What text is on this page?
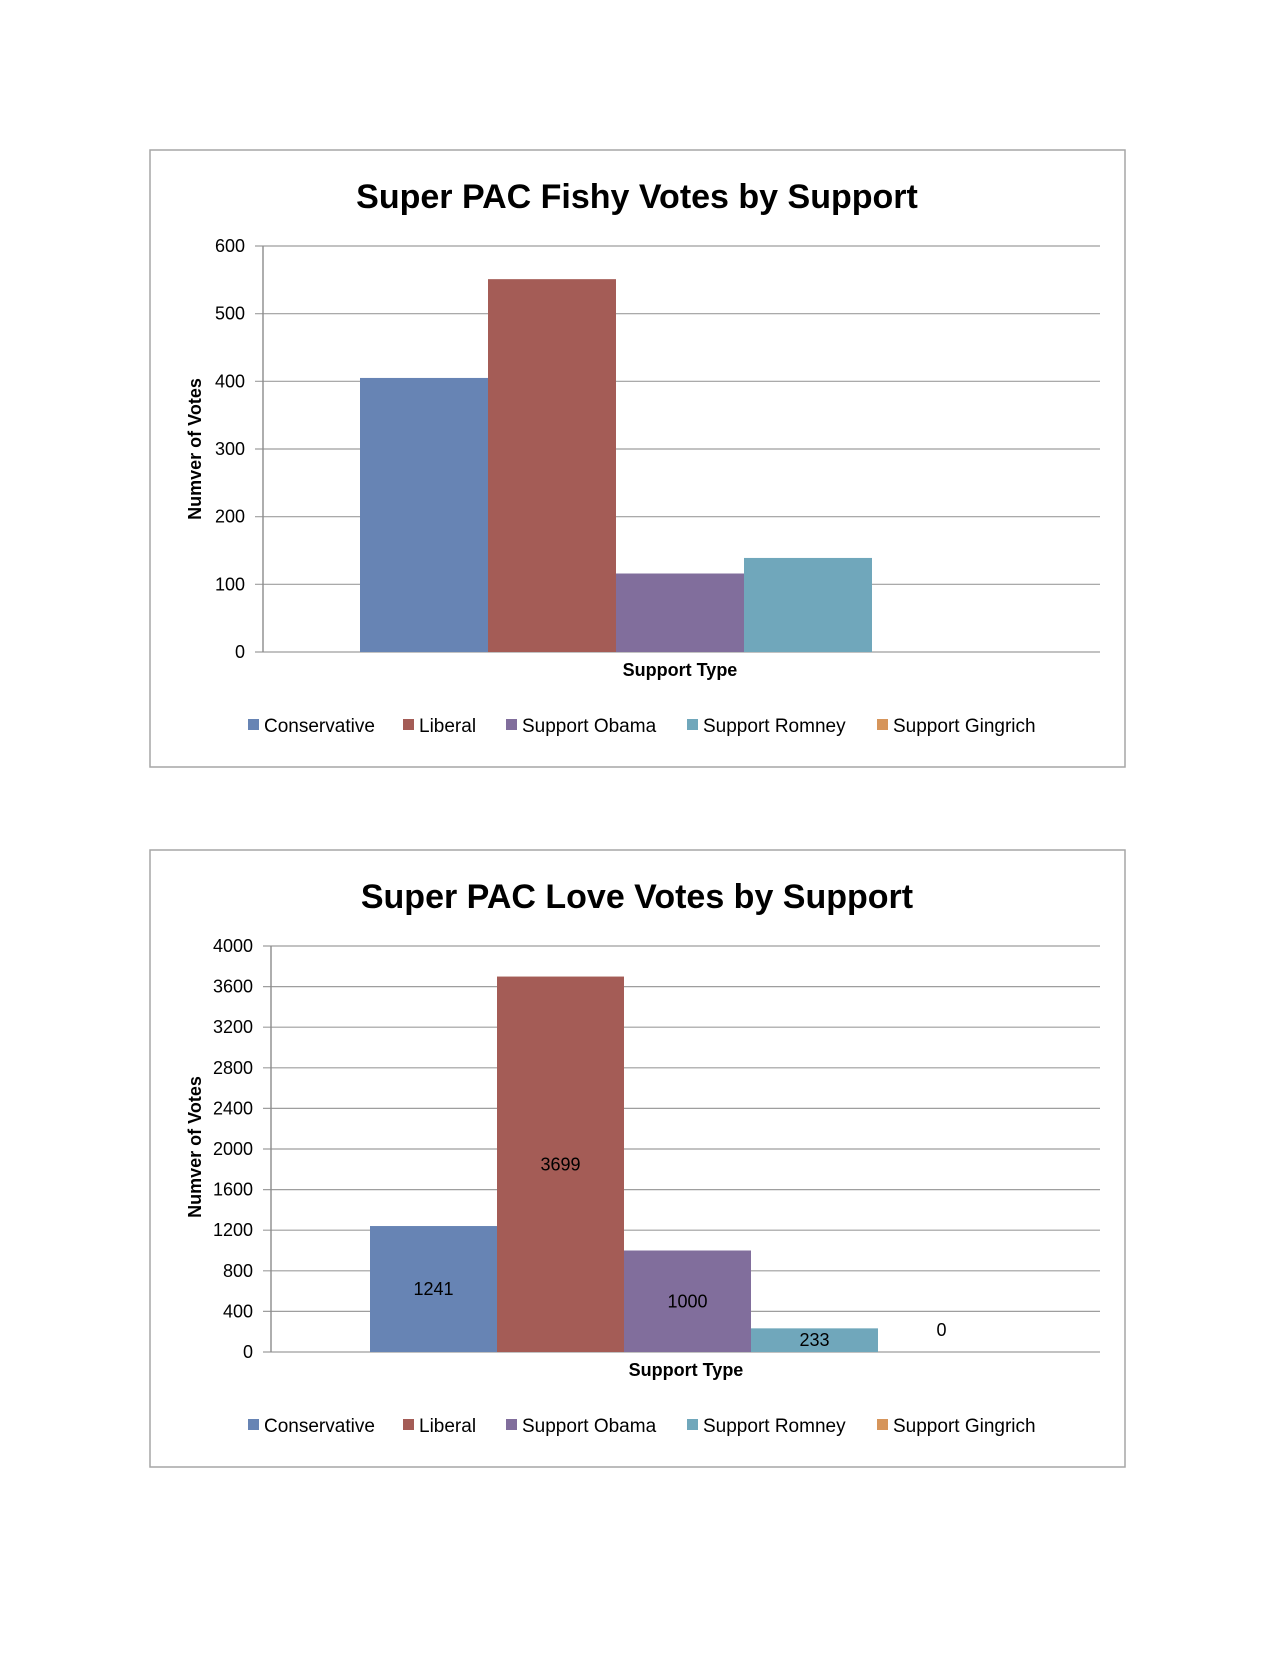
Super PAC Fishy Votes by Support
0
100
200
300
400
500
600
Numver of Votes
Support Type
Conservative Liberal Support Obama Support Romney Support Gingrich
Super PAC Love Votes by Support
0
400
800
1200
1600
2000
2400
2800
3200
3600
4000
1241
3699
1000
233
0
Numver of Votes
Support Type
Conservative Liberal Support Obama Support Romney Support Gingrich
